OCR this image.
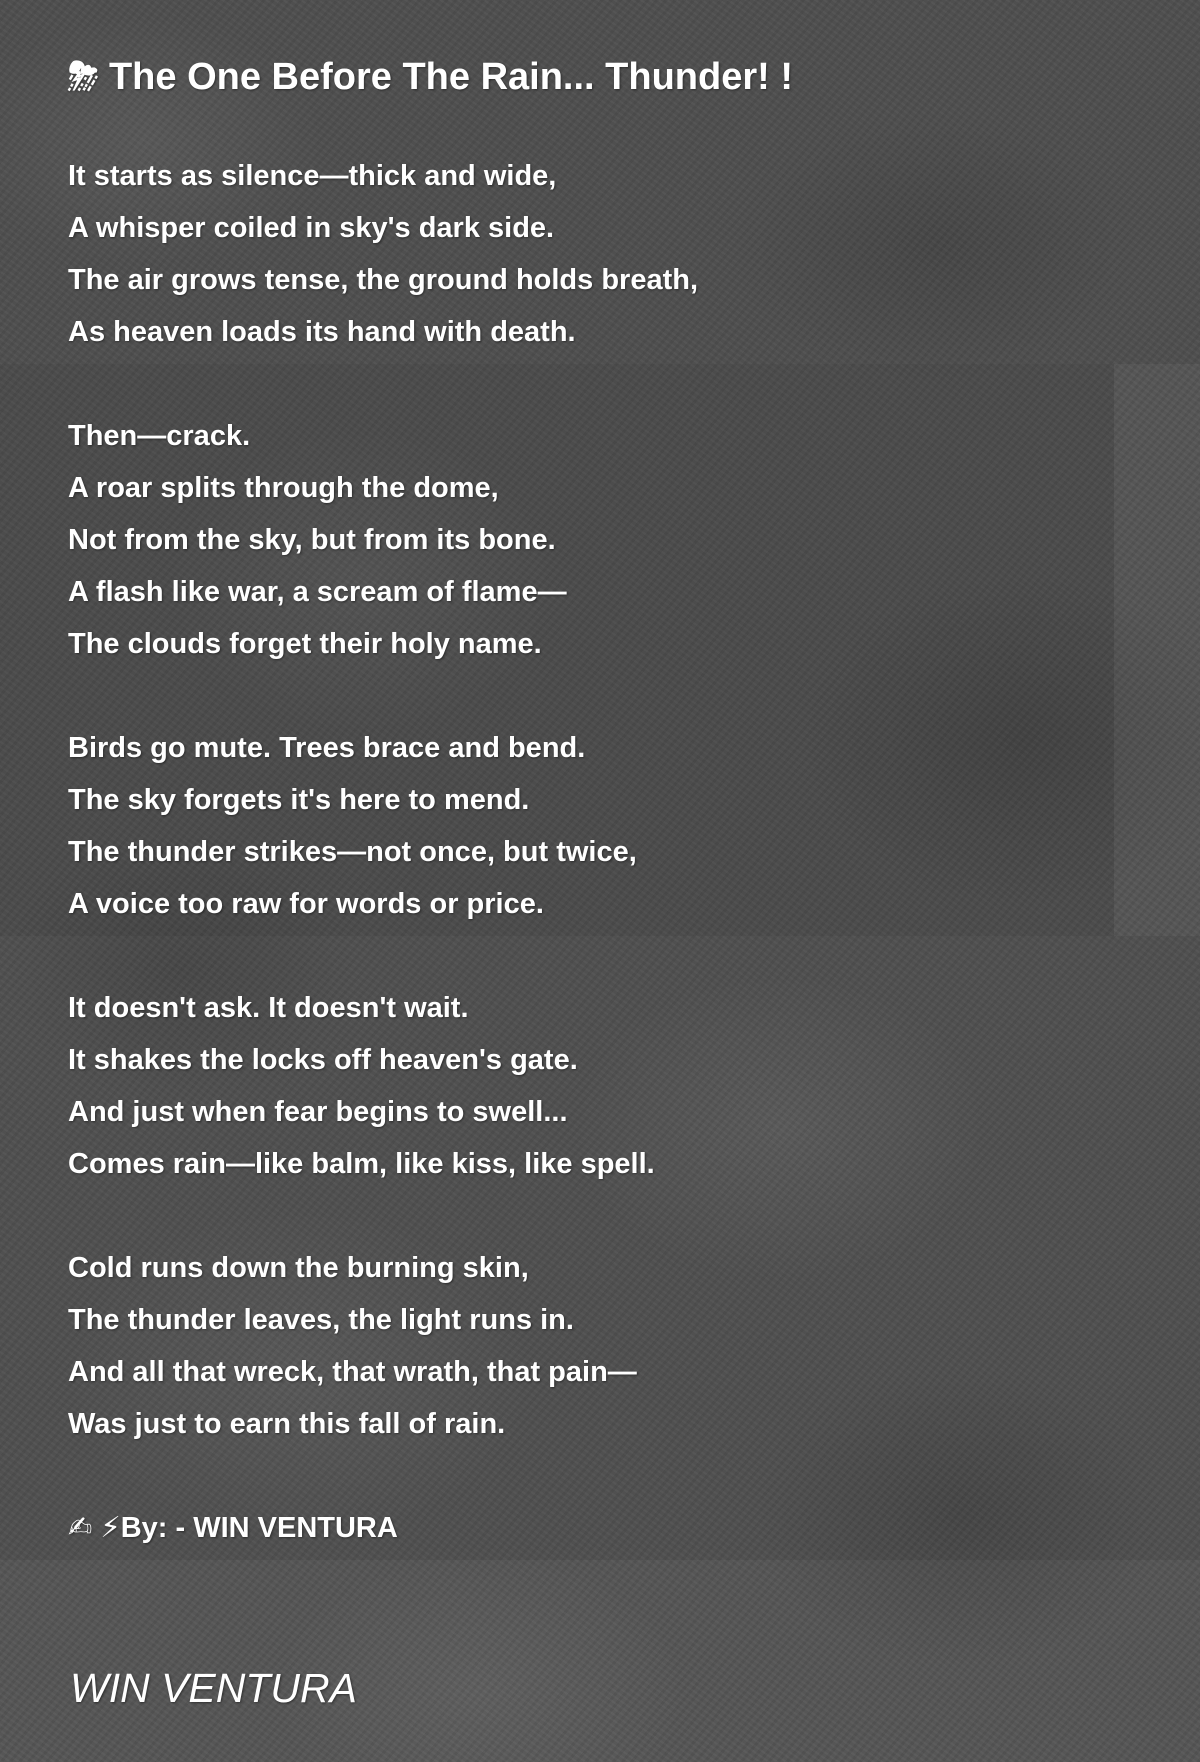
⛈ The One Before The Rain... Thunder! !
It starts as silence—thick and wide,
A whisper coiled in sky's dark side.
The air grows tense, the ground holds breath,
As heaven loads its hand with death.
Then—crack.
A roar splits through the dome,
Not from the sky, but from its bone.
A flash like war, a scream of flame—
The clouds forget their holy name.
Birds go mute. Trees brace and bend.
The sky forgets it's here to mend.
The thunder strikes—not once, but twice,
A voice too raw for words or price.
It doesn't ask. It doesn't wait.
It shakes the locks off heaven's gate.
And just when fear begins to swell...
Comes rain—like balm, like kiss, like spell.
Cold runs down the burning skin,
The thunder leaves, the light runs in.
And all that wreck, that wrath, that pain—
Was just to earn this fall of rain.
✍ ⚡By: - WIN VENTURA
WIN VENTURA
